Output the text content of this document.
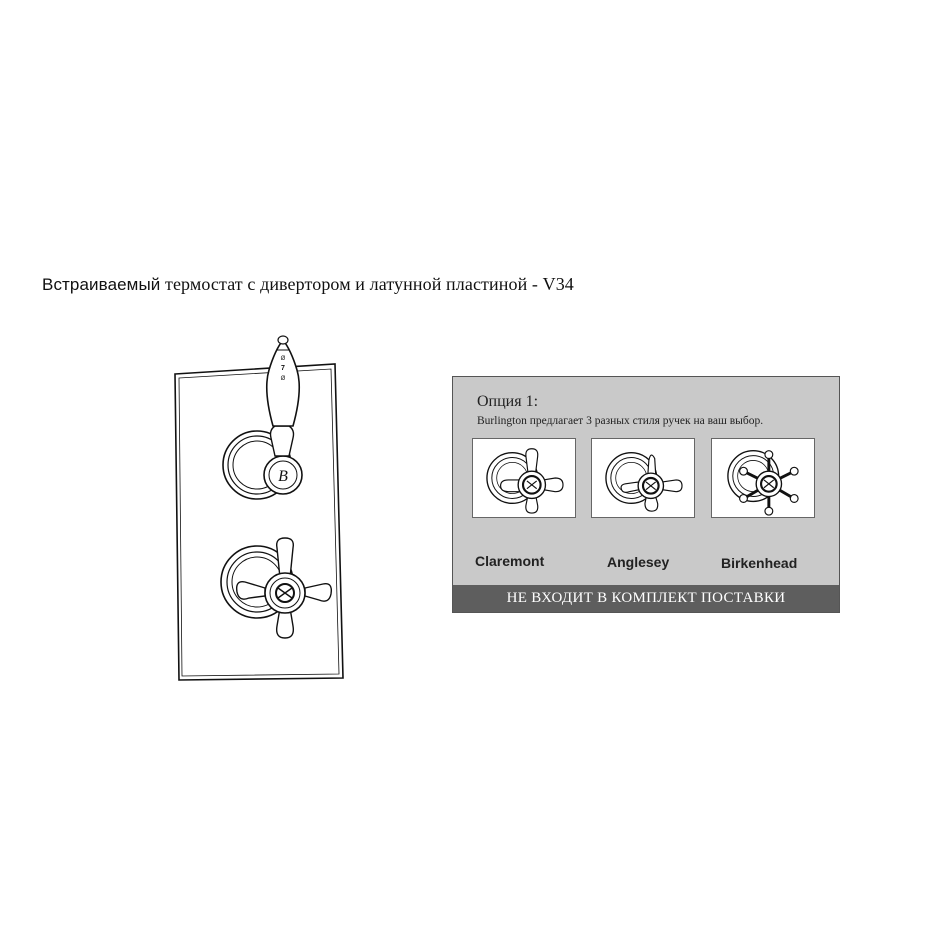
Встраиваемый термостат с дивертором и латунной пластиной - V34
B
Ø
7
Ø
Опция 1:
Burlington предлагает 3 разных стиля ручек на ваш выбор.
Claremont	Anglesey	Birkenhead
НЕ ВХОДИТ В КОМПЛЕКТ ПОСТАВКИ
